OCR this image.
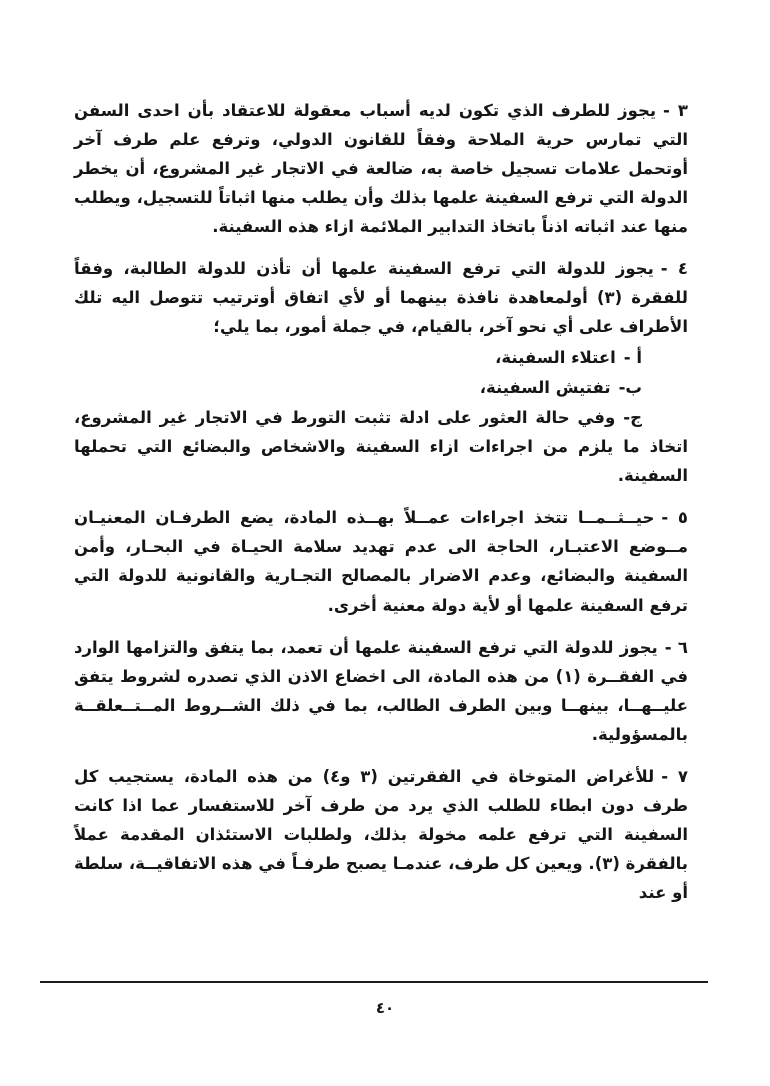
٣ -يجوز للطرف الذي تكون لديه أسباب معقولة للاعتقاد بأن احدى السفن التي تمارس حرية الملاحة وفقاً للقانون الدولي، وترفع علم طرف آخر أوتحمل علامات تسجيل خاصة به، ضالعة في الاتجار غير المشروع، أن يخطر الدولة التي ترفع السفينة علمها بذلك وأن يطلب منها اثباتاً للتسجيل، ويطلب منها عند اثباته اذناً باتخاذ التدابير الملائمة ازاء هذه السفينة.

٤ -يجوز للدولة التي ترفع السفينة علمها أن تأذن للدولة الطالبة، وفقاً للفقرة (٣) أولمعاهدة نافذة بينهما أو لأي اتفاق أوترتيب تتوصل اليه تلك الأطراف على أي نحو آخر، بالقيام، في جملة أمور، بما يلي؛

أ -اعتلاء السفينة،

ب-تفتيش السفينة،

ج-وفي حالة العثور على ادلة تثبت التورط في الاتجار غير المشروع، اتخاذ ما يلزم من اجراءات ازاء السفينة والاشخاص والبضائع التي تحملها السفينة.

٥ -حيــثــمــا تتخذ اجراءات عمــلاً بهــذه المادة، يضع الطرفـان المعنيـان مــوضع الاعتبـار، الحاجة الى عدم تهديد سلامة الحيـاة في البحـار، وأمن السفينة والبضائع، وعدم الاضرار بالمصالح التجـارية والقانونية للدولة التي ترفع السفينة علمها أو لأية دولة معنية أخرى.

٦ -يجوز للدولة التي ترفع السفينة علمها أن تعمد، بما يتفق والتزامها الوارد في الفقــرة (١) من هذه المادة، الى اخضاع الاذن الذي تصدره لشروط يتفق عليــهــا، بينهــا وبين الطرف الطالب، بما في ذلك الشــروط المــتــعلقــة بالمسؤولية.

٧ -للأغراض المتوخاة في الفقرتين (٣ و٤) من هذه المادة، يستجيب كل طرف دون ابطاء للطلب الذي يرد من طرف آخر للاستفسار عما اذا كانت السفينة التي ترفع علمه مخولة بذلك، ولطلبات الاستئذان المقدمة عملاً بالفقرة (٣). ويعين كل طرف، عندمـا يصبح طرفـاً في هذه الاتفاقيــة، سلطة أو عند

٤٠
